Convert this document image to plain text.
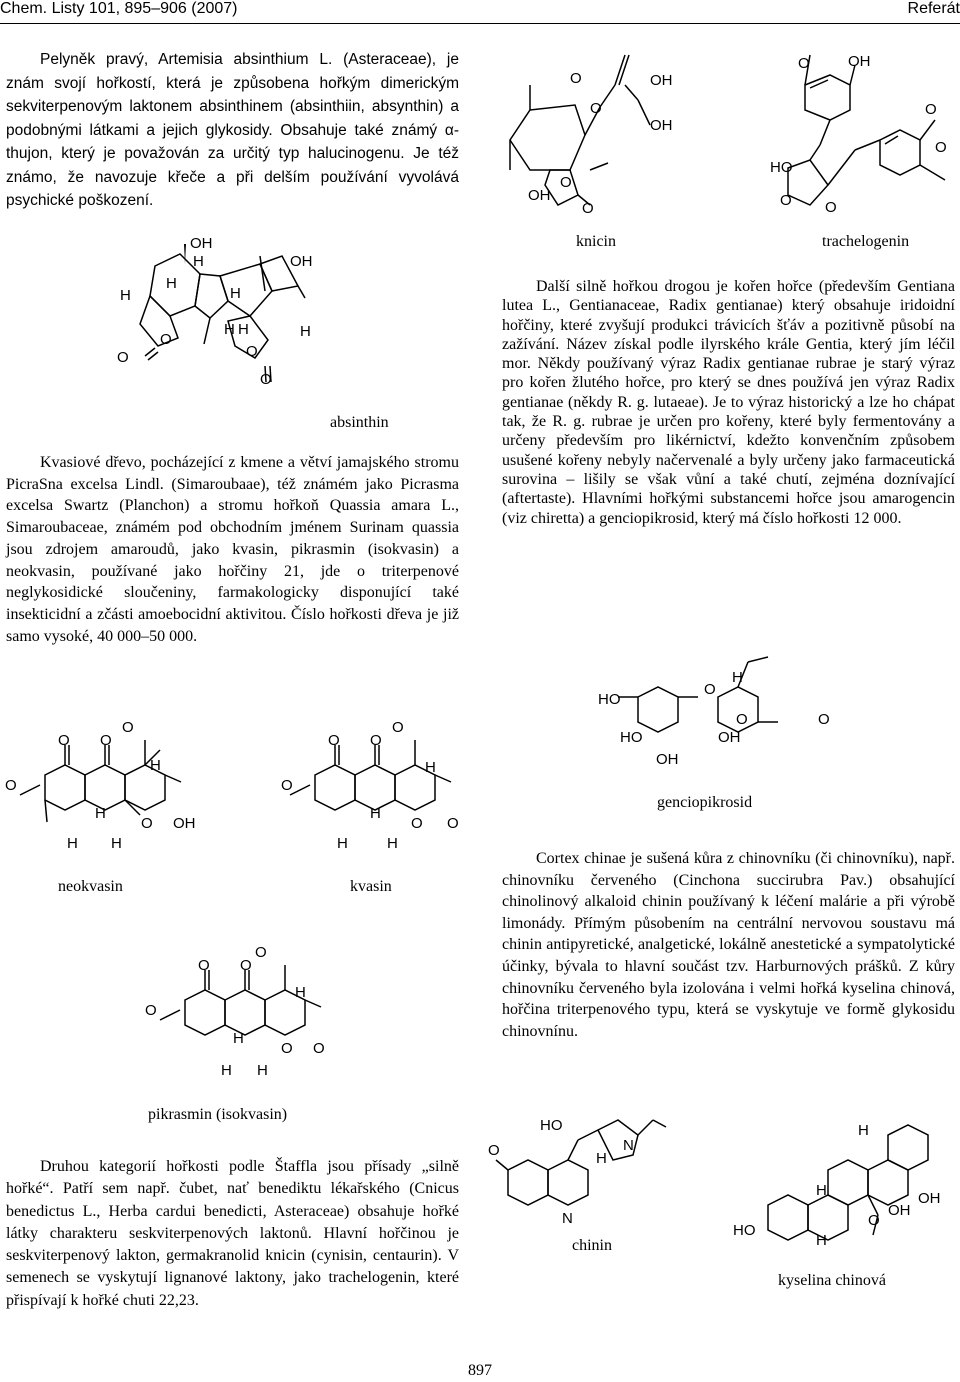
Chem. Listy 101, 895–906 (2007)	Referát

Pelyněk pravý, Artemisia absinthium L. (Asteraceae), je znám svojí hořkostí, která je způsobena hořkým dimerickým sekviterpenovým laktonem absinthinem (absinthiin, absynthin) a podobnými látkami a jejich glykosidy. Obsahuje také známý α-thujon, který je považován za určitý typ halucinogenu. Je též známo, že navozuje křeče a při delším používání vyvolává psychické poškození.

OH
H	OH
H
H
H
H H	H
O
O	O
O
absinthin

Kvasiové dřevo, pocházející z kmene a větví jamajského stromu PicraSna excelsa Lindl. (Simaroubaae), též známém jako Picrasma excelsa Swartz (Planchon) a stromu hořkoň Quassia amara L., Simaroubaceae, známém pod obchodním jménem Surinam quassia jsou zdrojem amaroudů, jako kvasin, pikrasmin (isokvasin) a neokvasin, používané jako hořčiny 21, jde o triterpenové neglykosidické sloučeniny, farmakologicky disponující také insekticidní a zčásti amoebocidní aktivitou. Číslo hořkosti dřeva je již samo vysoké, 40 000–50 000.

O
O O
O
H
H
H H
O OH
neokvasin
O
O O
O
H
H
H	H
O O
kvasin
O
O O
O
H
H
H H
O O
pikrasmin (isokvasin)

Druhou kategorií hořkosti podle Štaffla jsou přísady „silně hořké“. Patří sem např. čubet, nať benediktu lékařského (Cnicus benedictus L., Herba cardui benedicti, Asteraceae) obsahuje hořké látky charakteru seskviterpenových laktonů. Hlavní hořčinou je seskviterpenový lakton, germakranolid knicin (cynisin, centaurin). V semenech se vyskytují lignanové laktony, jako trachelogenin, které přispívají k hořké chuti 22,23.

O
O
OH
OH
OH
O
O
knicin
O	OH
O
O
HO
O O
trachelogenin

Další silně hořkou drogou je kořen hořce (především Gentiana lutea L., Gentianaceae, Radix gentianae) který obsahuje iridoidní hořčiny, které zvyšují produkci trávicích šťáv a pozitivně působí na zažívání. Název získal podle ilyrského krále Gentia, který jím léčil mor. Někdy používaný výraz Radix gentianae rubrae je starý výraz pro kořen žlutého hořce, pro který se dnes používá jen výraz Radix gentianae (někdy R. g. lutaeae). Je to výraz historický a lze ho chápat tak, že R. g. rubrae je určen pro kořeny, které byly fermentovány a určeny především pro likérnictví, kdežto konvenčním způsobem usušené kořeny nebyly načervenalé a byly určeny jako farmaceutická surovina – lišily se však vůní a také chutí, zejména doznívající (aftertaste). Hlavními hořkými substancemi hořce jsou amarogencin (viz chiretta) a genciopikrosid, který má číslo hořkosti 12 000.

HO
O
H
O	O
HO	OH
OH
genciopikrosid

Cortex chinae je sušená kůra z chinovníku (či chinovníku), např. chinovníku červeného (Cinchona succirubra Pav.) obsahující chinolinový alkaloid chinin používaný k léčení malárie a při výrobě limonády. Přímým působením na centrální nervovou soustavu má chinin antipyretické, analgetické, lokálně anestetické a sympatolytické účinky, bývala to hlavní součást tzv. Harburnových prášků. Z kůry chinovníku červeného byla izolována i velmi hořká kyselina chinová, hořčina triterpenového typu, která se vyskytuje ve formě glykosidu chinovnínu.

HO
N
H
O
N
chinin
HO
H
H
H
O
OH
OH
kyselina chinová
897
